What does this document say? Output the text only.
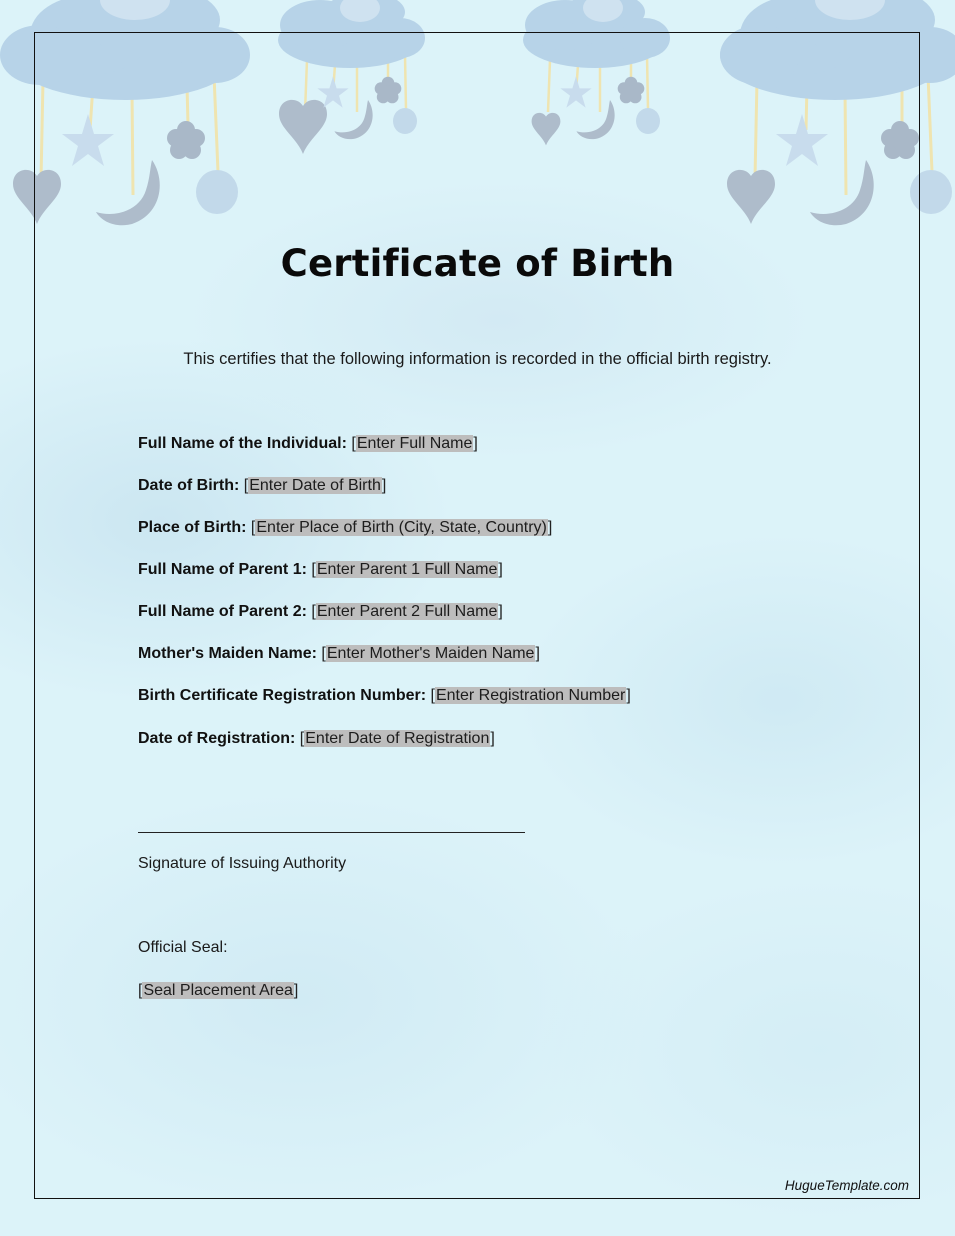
Certificate of Birth

This certifies that the following information is recorded in the official birth registry.

Full Name of the Individual: [Enter Full Name]
Date of Birth: [Enter Date of Birth]
Place of Birth: [Enter Place of Birth (City, State, Country)]
Full Name of Parent 1: [Enter Parent 1 Full Name]
Full Name of Parent 2: [Enter Parent 2 Full Name]
Mother's Maiden Name: [Enter Mother's Maiden Name]
Birth Certificate Registration Number: [Enter Registration Number]
Date of Registration: [Enter Date of Registration]
Signature of Issuing Authority
Official Seal:
[Seal Placement Area]
HugueTemplate.com
